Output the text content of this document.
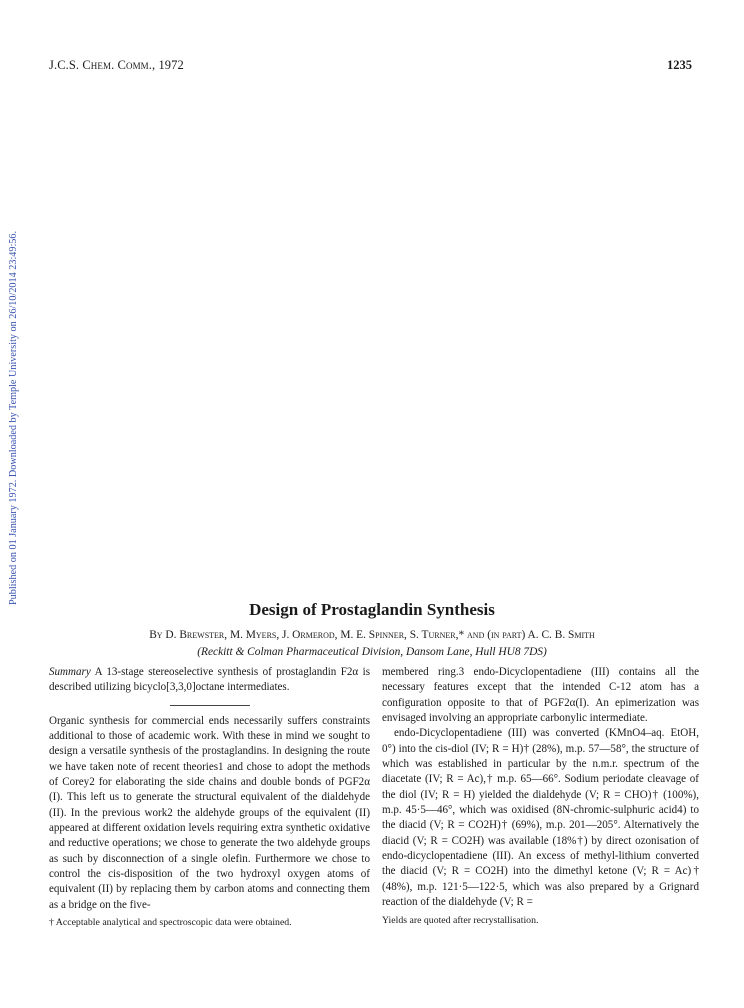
J.C.S. Chem. Comm., 1972	1235
Published on 01 January 1972. Downloaded by Temple University on 26/10/2014 23:49:56.
Design of Prostaglandin Synthesis
By D. Brewster, M. Myers, J. Ormerod, M. E. Spinner, S. Turner,* and (in part) A. C. B. Smith
(Reckitt & Colman Pharmaceutical Division, Dansom Lane, Hull HU8 7DS)

Summary A 13-stage stereoselective synthesis of prostaglandin F2α is described utilizing bicyclo[3,3,0]octane intermediates.

Organic synthesis for commercial ends necessarily suffers constraints additional to those of academic work. With these in mind we sought to design a versatile synthesis of the prostaglandins. In designing the route we have taken note of recent theories1 and chose to adopt the methods of Corey2 for elaborating the side chains and double bonds of PGF2α (I). This left us to generate the structural equivalent of the dialdehyde (II). In the previous work2 the aldehyde groups of the equivalent (II) appeared at different oxidation levels requiring extra synthetic oxidative and reductive operations; we chose to generate the two aldehyde groups as such by disconnection of a single olefin. Furthermore we chose to control the cis-disposition of the two hydroxyl oxygen atoms of equivalent (II) by replacing them by carbon atoms and connecting them as a bridge on the five-

† Acceptable analytical and spectroscopic data were obtained.

membered ring.3 endo-Dicyclopentadiene (III) contains all the necessary features except that the intended C-12 atom has a configuration opposite to that of PGF2α(I). An epimerization was envisaged involving an appropriate carbonylic intermediate.

endo-Dicyclopentadiene (III) was converted (KMnO4–aq. EtOH, 0°) into the cis-diol (IV; R = H)† (28%), m.p. 57—58°, the structure of which was established in particular by the n.m.r. spectrum of the diacetate (IV; R = Ac),† m.p. 65—66°. Sodium periodate cleavage of the diol (IV; R = H) yielded the dialdehyde (V; R = CHO)† (100%), m.p. 45·5—46°, which was oxidised (8N-chromic-sulphuric acid4) to the diacid (V; R = CO2H)† (69%), m.p. 201—205°. Alternatively the diacid (V; R = CO2H) was available (18%†) by direct ozonisation of endo-dicyclopentadiene (III). An excess of methyl-lithium converted the diacid (V; R = CO2H) into the dimethyl ketone (V; R = Ac)† (48%), m.p. 121·5—122·5, which was also prepared by a Grignard reaction of the dialdehyde (V; R =

Yields are quoted after recrystallisation.
